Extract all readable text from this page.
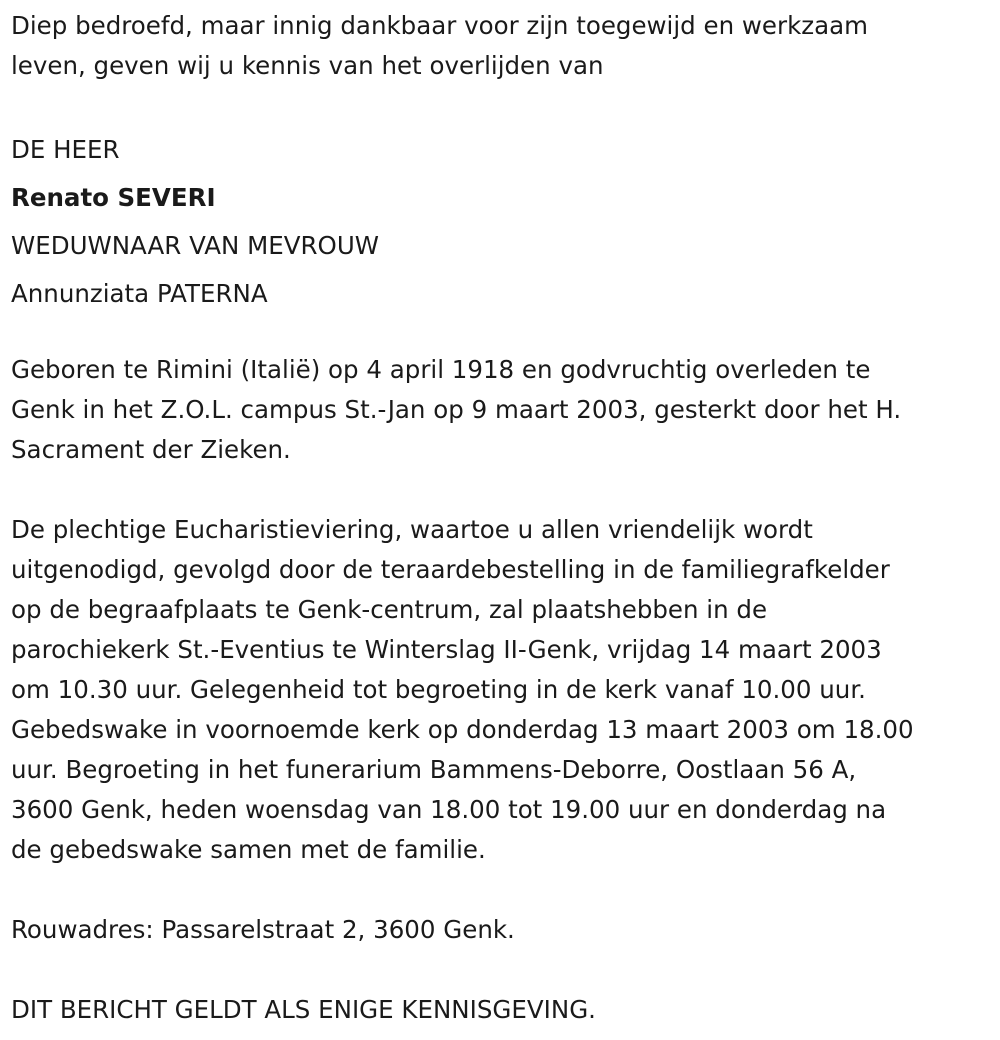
Diep bedroefd, maar innig dankbaar voor zijn toegewijd en werkzaam
leven, geven wij u kennis van het overlijden van
DE HEER
Renato SEVERI
WEDUWNAAR VAN MEVROUW
Annunziata PATERNA
Geboren te Rimini (Italië) op 4 april 1918 en godvruchtig overleden te
Genk in het Z.O.L. campus St.-Jan op 9 maart 2003, gesterkt door het H.
Sacrament der Zieken.
De plechtige Eucharistieviering, waartoe u allen vriendelijk wordt
uitgenodigd, gevolgd door de teraardebestelling in de familiegrafkelder
op de begraafplaats te Genk-centrum, zal plaatshebben in de
parochiekerk St.-Eventius te Winterslag II-Genk, vrijdag 14 maart 2003
om 10.30 uur. Gelegenheid tot begroeting in de kerk vanaf 10.00 uur.
Gebedswake in voornoemde kerk op donderdag 13 maart 2003 om 18.00
uur. Begroeting in het funerarium Bammens-Deborre, Oostlaan 56 A,
3600 Genk, heden woensdag van 18.00 tot 19.00 uur en donderdag na
de gebedswake samen met de familie.
Rouwadres: Passarelstraat 2, 3600 Genk.
DIT BERICHT GELDT ALS ENIGE KENNISGEVING.
